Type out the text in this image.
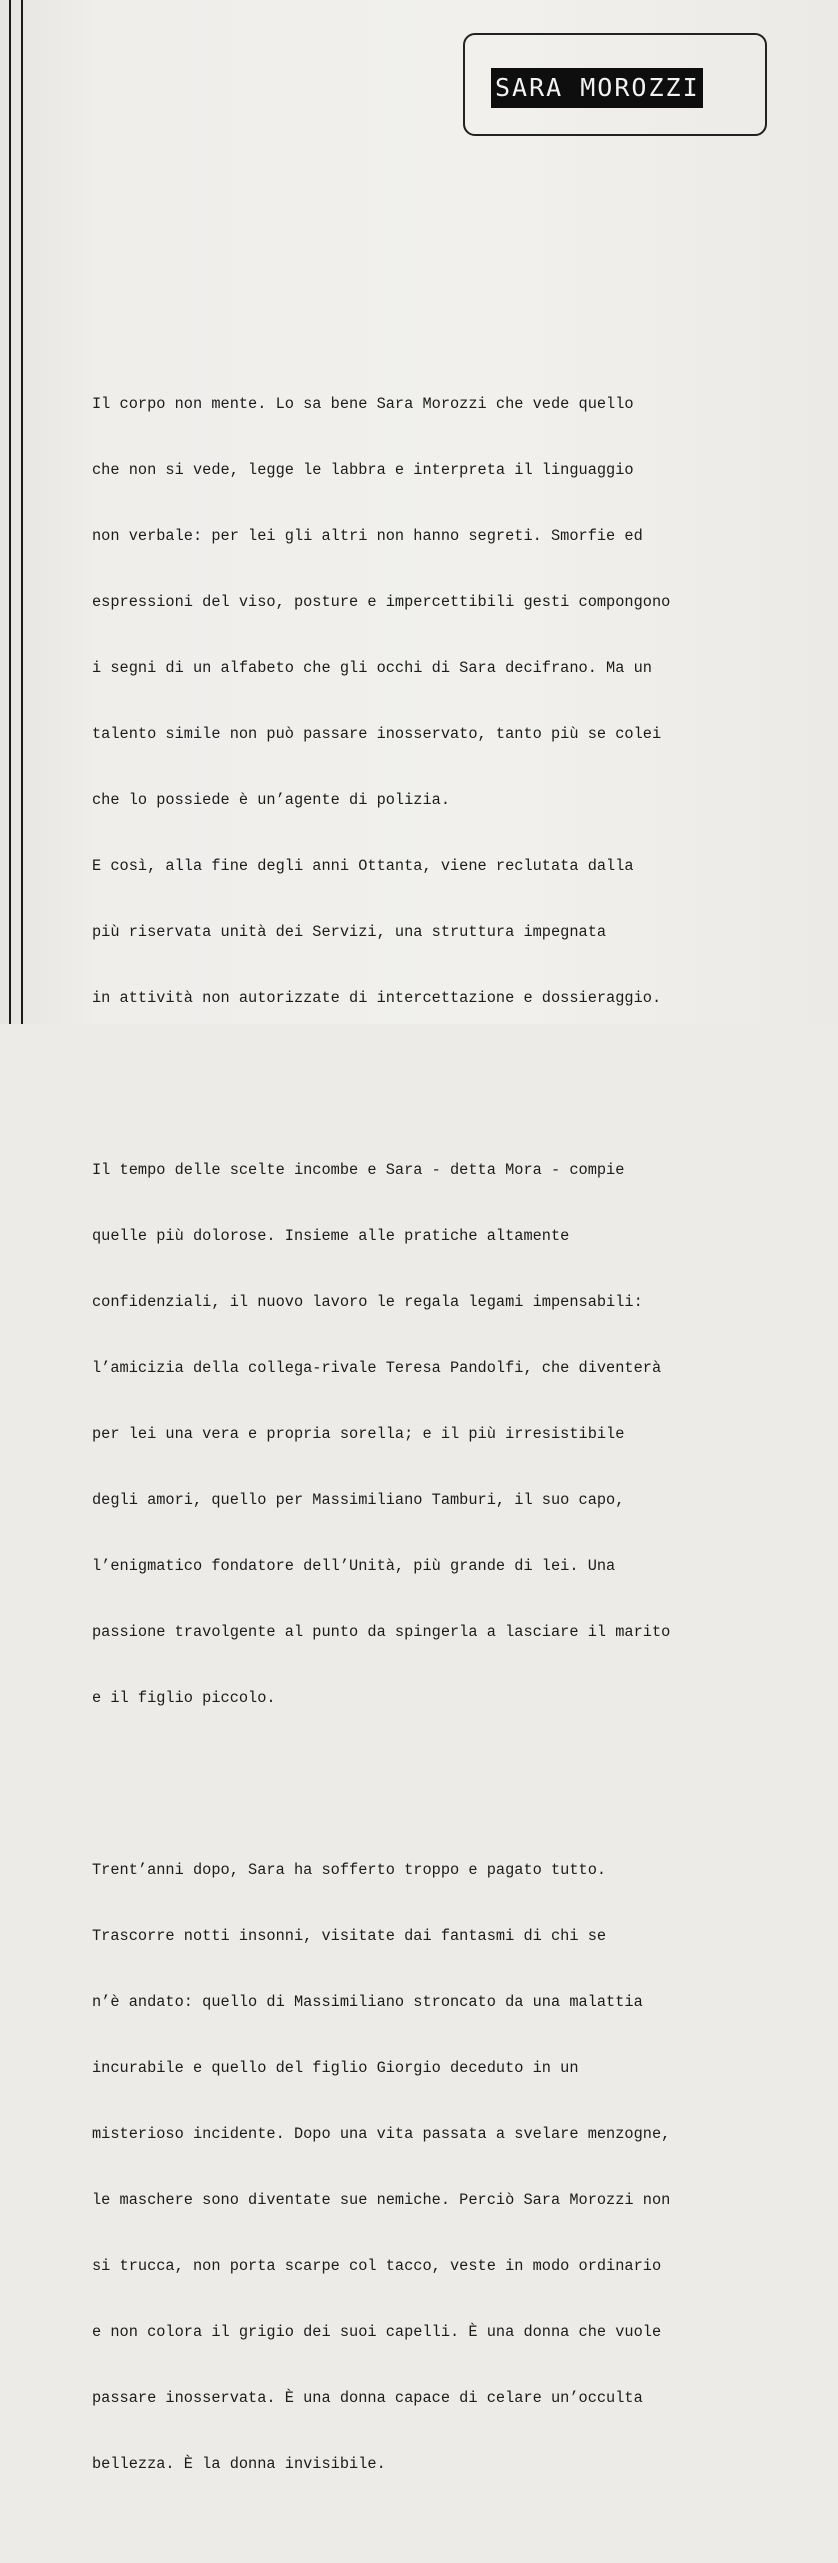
SARA MOROZZI

Il corpo non mente. Lo sa bene Sara Morozzi che vede quello

che non si vede, legge le labbra e interpreta il linguaggio

non verbale: per lei gli altri non hanno segreti. Smorfie ed

espressioni del viso, posture e impercettibili gesti compongono

i segni di un alfabeto che gli occhi di Sara decifrano. Ma un

talento simile non può passare inosservato, tanto più se colei

che lo possiede è un’agente di polizia.

E così, alla fine degli anni Ottanta, viene reclutata dalla

più riservata unità dei Servizi, una struttura impegnata

in attività non autorizzate di intercettazione e dossieraggio.

Il tempo delle scelte incombe e Sara - detta Mora - compie

quelle più dolorose. Insieme alle pratiche altamente

confidenziali, il nuovo lavoro le regala legami impensabili:

l’amicizia della collega-rivale Teresa Pandolfi, che diventerà

per lei una vera e propria sorella; e il più irresistibile

degli amori, quello per Massimiliano Tamburi, il suo capo,

l’enigmatico fondatore dell’Unità, più grande di lei. Una

passione travolgente al punto da spingerla a lasciare il marito

e il figlio piccolo.

Trent’anni dopo, Sara ha sofferto troppo e pagato tutto.

Trascorre notti insonni, visitate dai fantasmi di chi se

n’è andato: quello di Massimiliano stroncato da una malattia

incurabile e quello del figlio Giorgio deceduto in un

misterioso incidente. Dopo una vita passata a svelare menzogne,

le maschere sono diventate sue nemiche. Perciò Sara Morozzi non

si trucca, non porta scarpe col tacco, veste in modo ordinario

e non colora il grigio dei suoi capelli. È una donna che vuole

passare inosservata. È una donna capace di celare un’occulta

bellezza. È la donna invisibile.
